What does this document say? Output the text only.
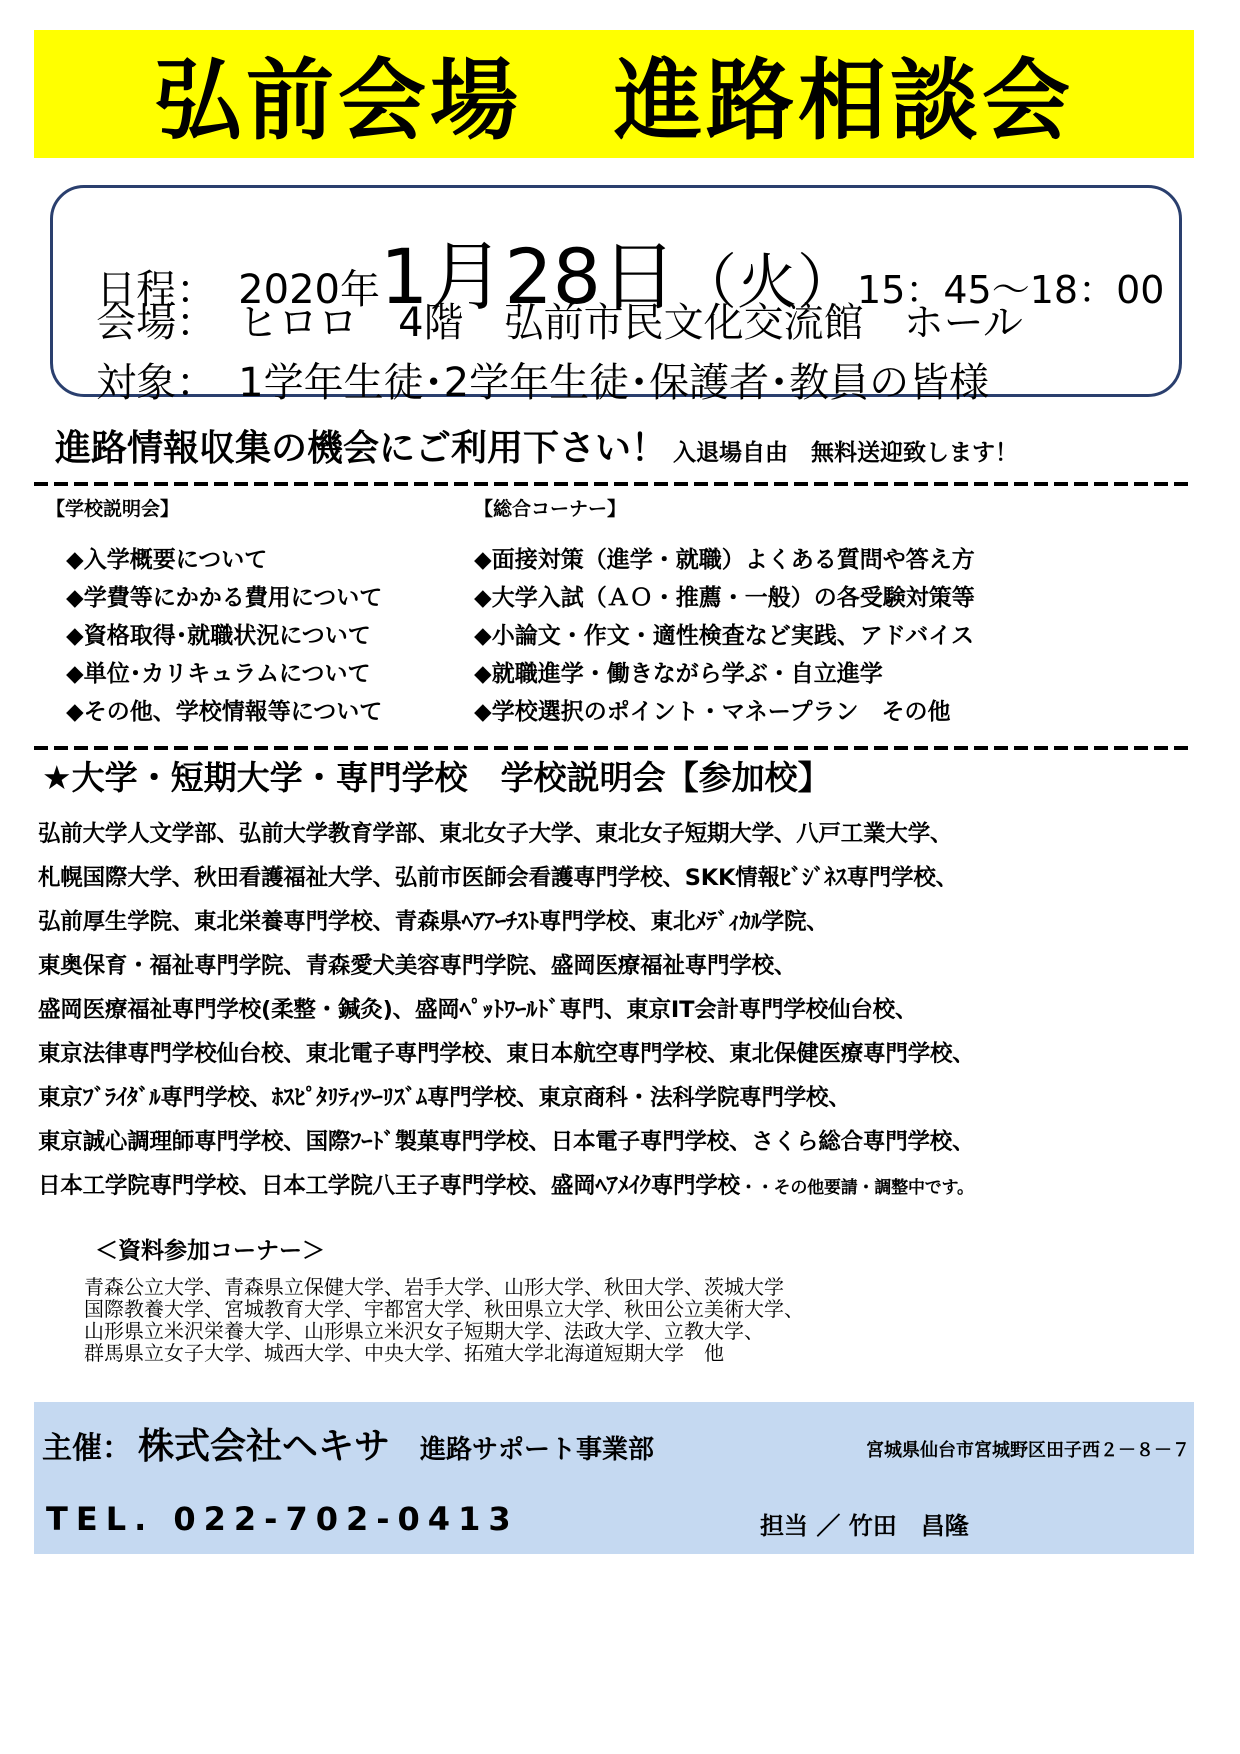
弘前会場　進路相談会

日程： 2020年1月28日（火）15：45～18：00

会場： ヒロロ　4階　弘前市民文化交流館　ホール

対象： 1学年生徒･2学年生徒･保護者･教員の皆様

進路情報収集の機会にご利用下さい！ 入退場自由　無料送迎致します！
【学校説明会】
◆入学概要について
◆学費等にかかる費用について
◆資格取得･就職状況について
◆単位･カリキュラムについて
◆その他、学校情報等について
【総合コーナー】
◆面接対策（進学・就職）よくある質問や答え方
◆大学入試（ＡＯ・推薦・一般）の各受験対策等
◆小論文・作文・適性検査など実践、アドバイス
◆就職進学・働きながら学ぶ・自立進学
◆学校選択のポイント・マネープラン　その他
★大学・短期大学・専門学校　学校説明会【参加校】
弘前大学人文学部、弘前大学教育学部、東北女子大学、東北女子短期大学、八戸工業大学、
札幌国際大学、秋田看護福祉大学、弘前市医師会看護専門学校、SKK情報ﾋﾞｼﾞﾈｽ専門学校、
弘前厚生学院、東北栄養専門学校、青森県ﾍｱｱｰﾁｽﾄ専門学校、東北ﾒﾃﾞｨｶﾙ学院、
東奥保育・福祉専門学院、青森愛犬美容専門学院、盛岡医療福祉専門学校、
盛岡医療福祉専門学校(柔整・鍼灸)、盛岡ﾍﾟｯﾄﾜｰﾙﾄﾞ専門、東京IT会計専門学校仙台校、
東京法律専門学校仙台校、東北電子専門学校、東日本航空専門学校、東北保健医療専門学校、
東京ﾌﾞﾗｲﾀﾞﾙ専門学校、ﾎｽﾋﾟﾀﾘﾃｨﾂｰﾘｽﾞﾑ専門学校、東京商科・法科学院専門学校、
東京誠心調理師専門学校、国際ﾌｰﾄﾞ製菓専門学校、日本電子専門学校、さくら総合専門学校、
日本工学院専門学校、日本工学院八王子専門学校、盛岡ﾍｱﾒｲｸ専門学校・・その他要請・調整中です。
＜資料参加コーナー＞
青森公立大学、青森県立保健大学、岩手大学、山形大学、秋田大学、茨城大学
国際教養大学、宮城教育大学、宇都宮大学、秋田県立大学、秋田公立美術大学、
山形県立米沢栄養大学、山形県立米沢女子短期大学、法政大学、立教大学、
群馬県立女子大学、城西大学、中央大学、拓殖大学北海道短期大学　他
主催： 株式会社ヘキサ 進路サポート事業部	宮城県仙台市宮城野区田子西２－８－７
TEL. 022-702-0413	担当 ／ 竹田　昌隆
